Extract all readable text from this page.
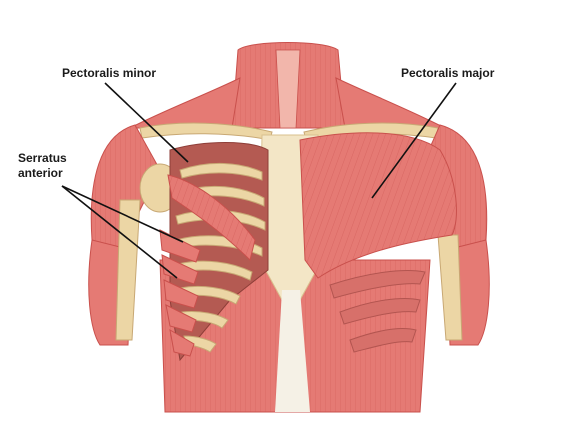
Pectoralis minor	Pectoralis major
Serratus
anterior
